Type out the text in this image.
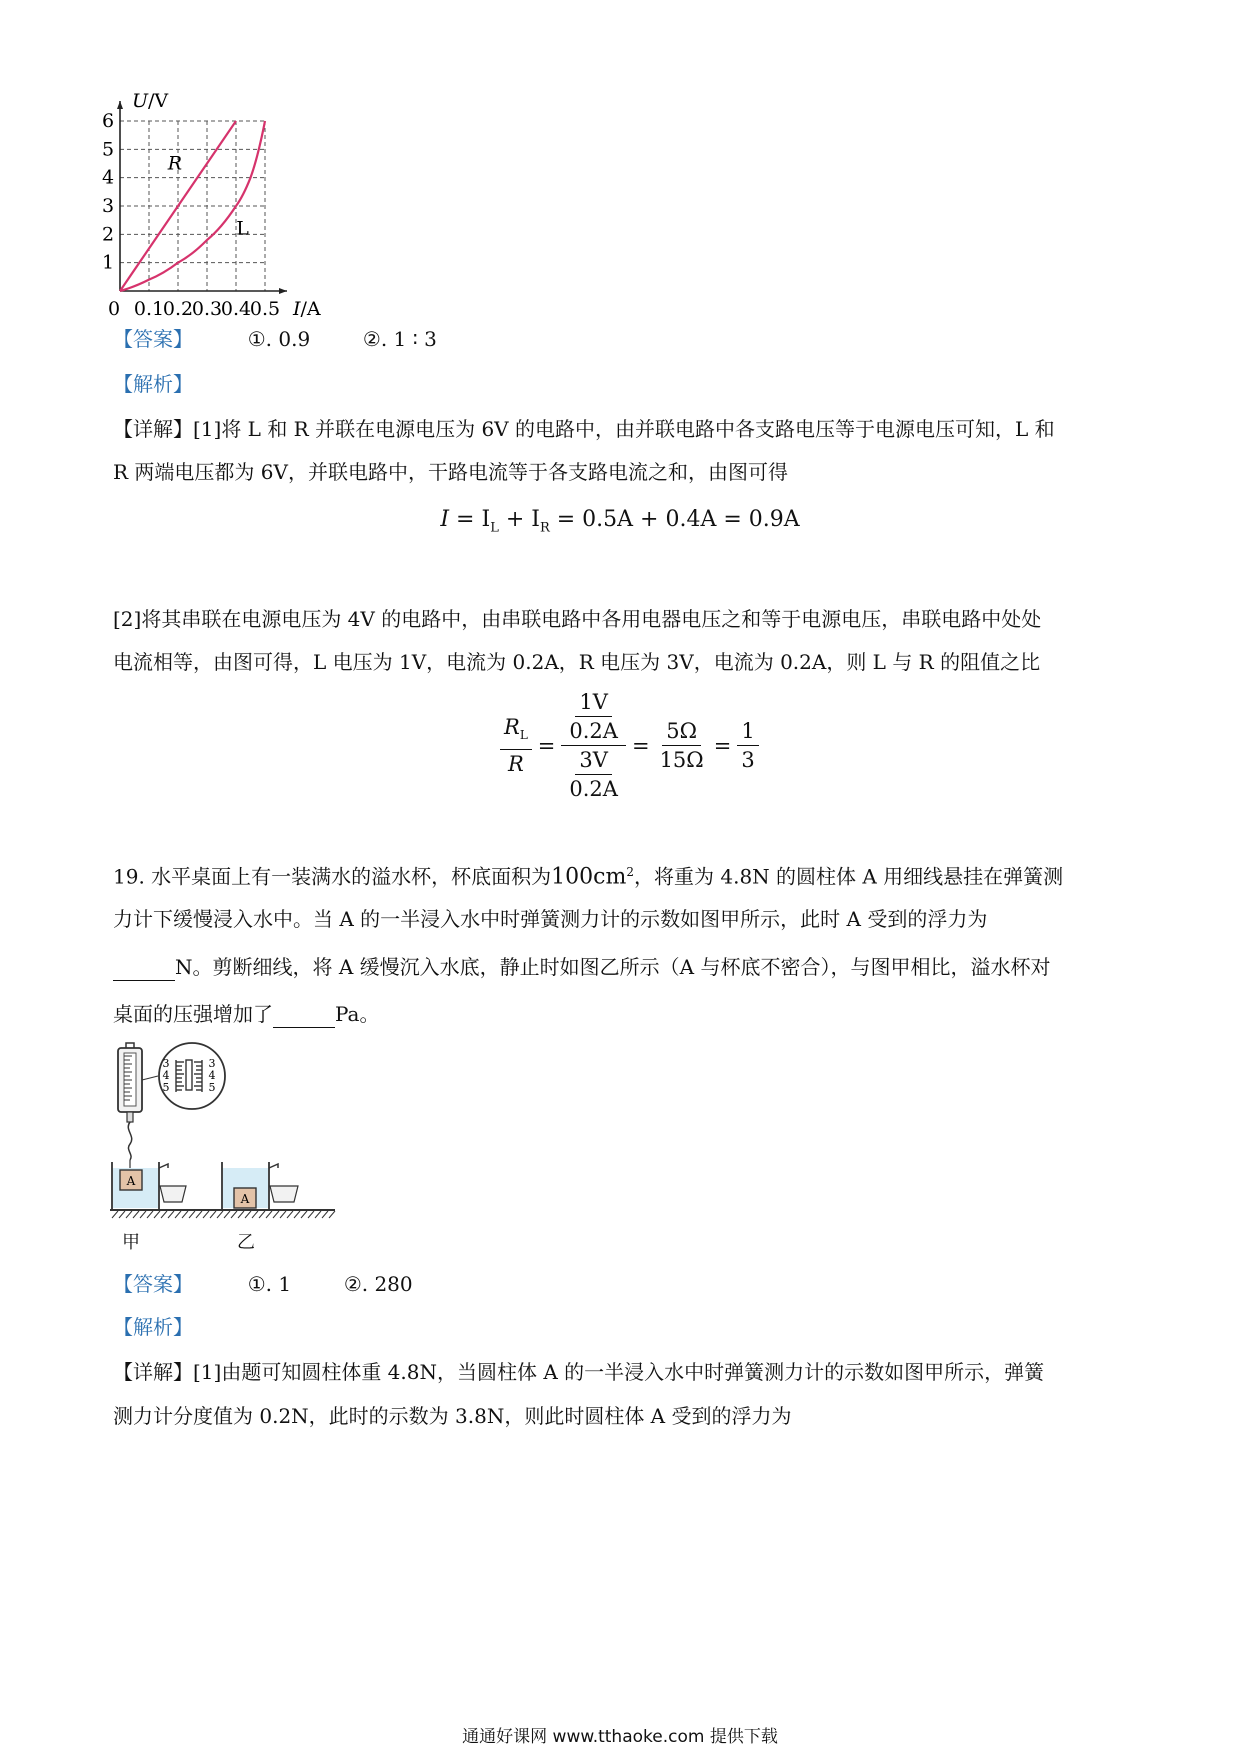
0 0.1
0.2
0.3
0.4
0.5
1
2
3
4
5
6
U/V
I/A
R
L
【答案】	①. 0.9	②. 1 ∶ 3
【解析】
【详解】[1]将 L 和 R 并联在电源电压为 6V 的电路中，由并联电路中各支路电压等于电源电压可知，L 和
R 两端电压都为 6V，并联电路中，干路电流等于各支路电流之和，由图可得
$I = I_L + I_R = 0.5A + 0.4A = 0.9A$
[2]将其串联在电源电压为 4V 的电路中，由串联电路中各用电器电压之和等于电源电压，串联电路中处处
电流相等，由图可得，L 电压为 1V，电流为 0.2A，R 电压为 3V，电流为 0.2A，则 L 与 R 的阻值之比
$\frac{R_L}{R} = \frac{\frac{1V}{0.2A}}{\frac{3V}{0.2A}} = \frac{5\Omega}{15\Omega} = \frac{1}{3}$
19. 水平桌面上有一装满水的溢水杯，杯底面积为$100cm^2$，将重为 4.8N 的圆柱体 A 用细线悬挂在弹簧测
力计下缓慢浸入水中。当 A 的一半浸入水中时弹簧测力计的示数如图甲所示，此时 A 受到的浮力为
N。剪断细线，将 A 缓慢沉入水底，静止时如图乙所示（A 与杯底不密合），与图甲相比，溢水杯对
桌面的压强增加了	Pa。
3
4
5
3
4
5
A
A
甲	乙
【答案】	①. 1	②. 280
【解析】
【详解】[1]由题可知圆柱体重 4.8N，当圆柱体 A 的一半浸入水中时弹簧测力计的示数如图甲所示，弹簧
测力计分度值为 0.2N，此时的示数为 3.8N，则此时圆柱体 A 受到的浮力为
通通好课网 www.tthaoke.com 提供下载
